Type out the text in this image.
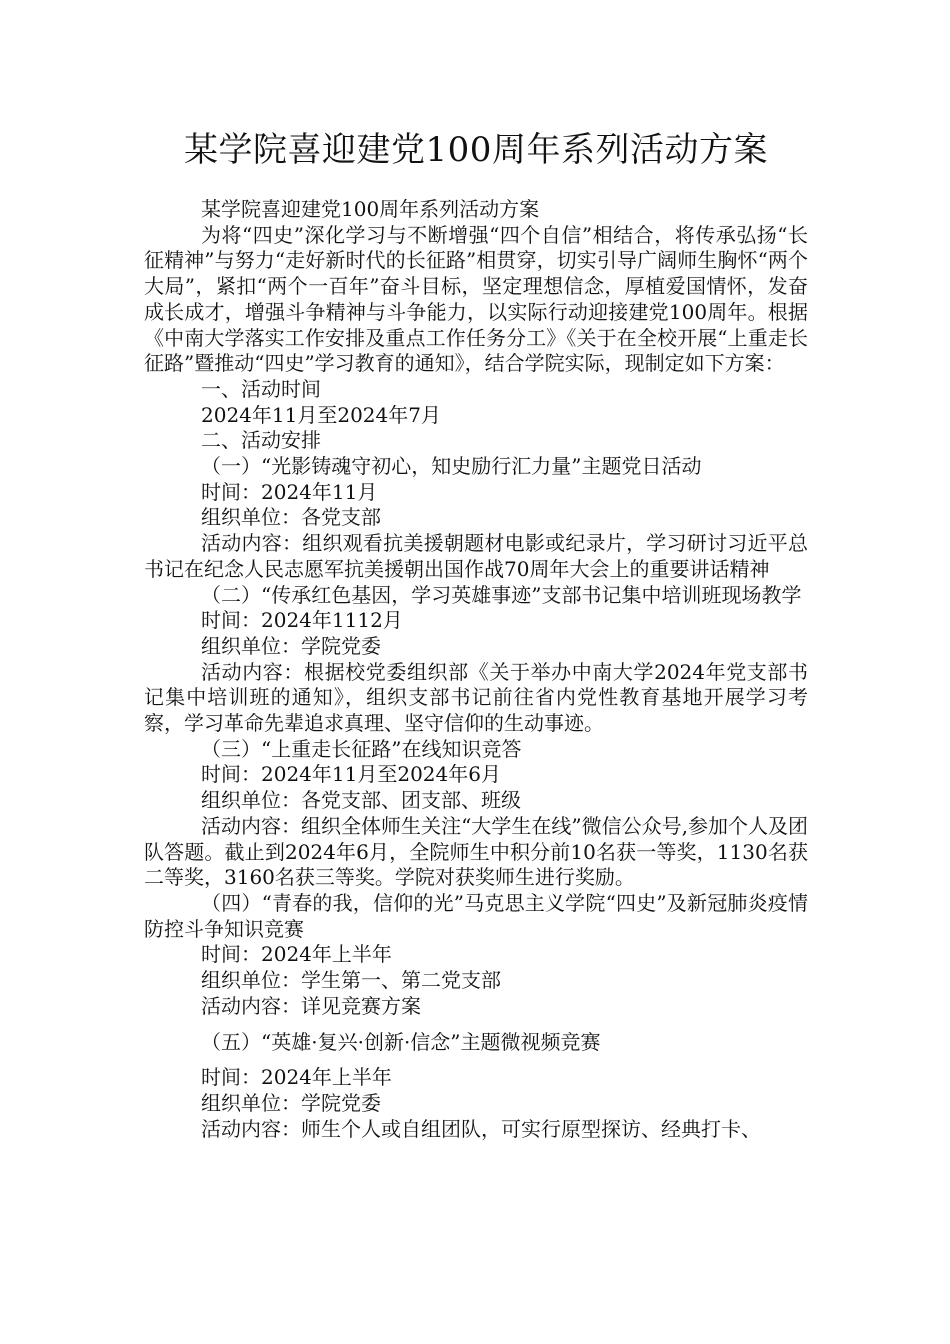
某学院喜迎建党100周年系列活动方案

某学院喜迎建党100周年系列活动方案

为将“四史”深化学习与不断增强“四个自信”相结合，将传承弘扬“长征精神”与努力“走好新时代的长征路”相贯穿，切实引导广阔师生胸怀“两个大局”，紧扣“两个一百年”奋斗目标，坚定理想信念，厚植爱国情怀，发奋成长成才，增强斗争精神与斗争能力，以实际行动迎接建党100周年。根据《中南大学落实工作安排及重点工作任务分工》《关于在全校开展“上重走长征路”暨推动“四史”学习教育的通知》，结合学院实际，现制定如下方案：

一、活动时间

2024年11月至2024年7月

二、活动安排

（一）“光影铸魂守初心，知史励行汇力量”主题党日活动

时间：2024年11月

组织单位：各党支部

活动内容：组织观看抗美援朝题材电影或纪录片，学习研讨习近平总书记在纪念人民志愿军抗美援朝出国作战70周年大会上的重要讲话精神

（二）“传承红色基因，学习英雄事迹”支部书记集中培训班现场教学

时间：2024年1112月

组织单位：学院党委

活动内容：根据校党委组织部《关于举办中南大学2024年党支部书记集中培训班的通知》，组织支部书记前往省内党性教育基地开展学习考察，学习革命先辈追求真理、坚守信仰的生动事迹。

（三）“上重走长征路”在线知识竞答

时间：2024年11月至2024年6月

组织单位：各党支部、团支部、班级

活动内容：组织全体师生关注“大学生在线”微信公众号,参加个人及团队答题。截止到2024年6月，全院师生中积分前10名获一等奖，1130名获二等奖，3160名获三等奖。学院对获奖师生进行奖励。

（四）“青春的我，信仰的光”马克思主义学院“四史”及新冠肺炎疫情防控斗争知识竞赛

时间：2024年上半年

组织单位：学生第一、第二党支部

活动内容：详见竞赛方案

（五）“英雄·复兴·创新·信念”主题微视频竞赛

时间：2024年上半年

组织单位：学院党委

活动内容：师生个人或自组团队，可实行原型探访、经典打卡、
